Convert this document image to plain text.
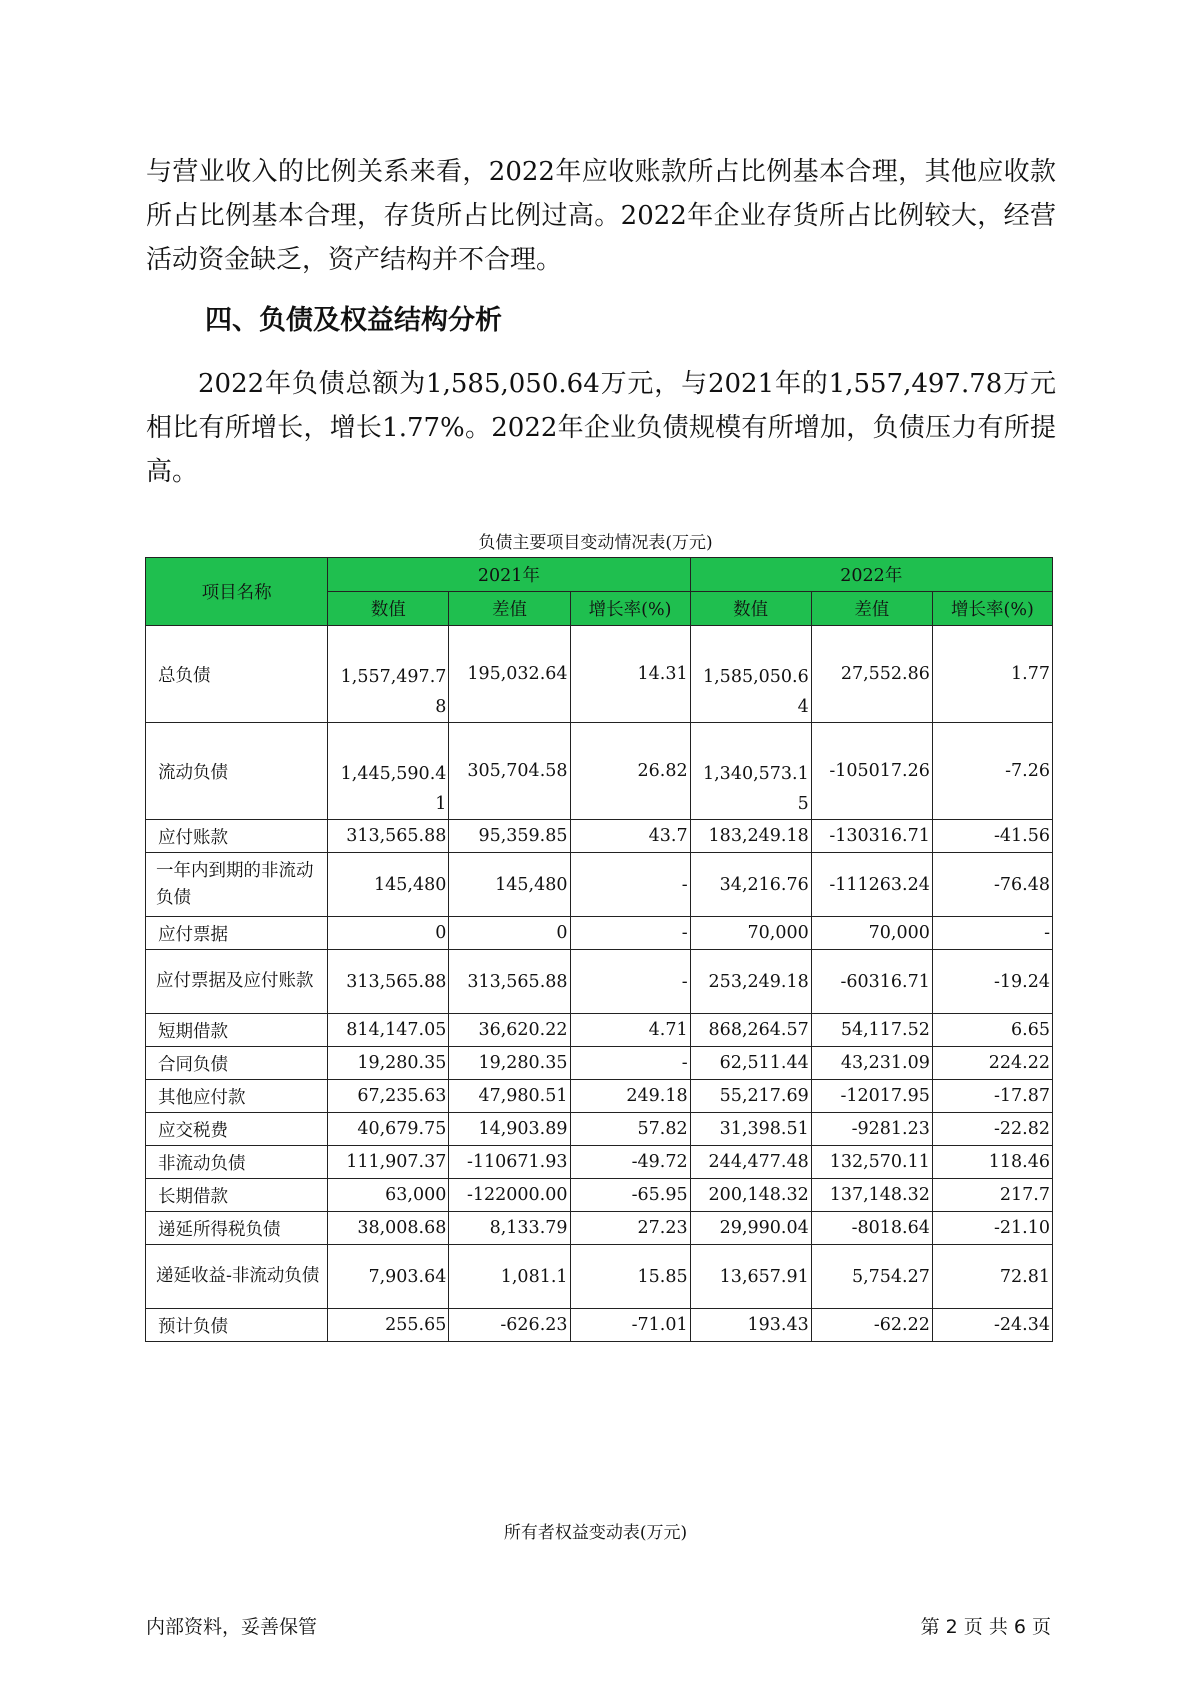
与营业收入的比例关系来看，2022年应收账款所占比例基本合理，其他应收款所占比例基本合理，存货所占比例过高。2022年企业存货所占比例较大，经营活动资金缺乏，资产结构并不合理。

四、负债及权益结构分析

2022年负债总额为1,585,050.64万元，与2021年的1,557,497.78万元相比有所增长，增长1.77%。2022年企业负债规模有所增加，负债压力有所提高。

负债主要项目变动情况表(万元)
项目名称	2021年			2022年		
	数值	差值	增长率(%)	数值	差值	增长率(%)
总负债	1,557,497.78	195,032.64	14.31	1,585,050.64	27,552.86	1.77
流动负债	1,445,590.41	305,704.58	26.82	1,340,573.15	-105017.26	-7.26
应付账款	313,565.88	95,359.85	43.7	183,249.18	-130316.71	-41.56
一年内到期的非流动负债	145,480	145,480	-	34,216.76	-111263.24	-76.48
应付票据	0	0	-	70,000	70,000	-
应付票据及应付账款	313,565.88	313,565.88	-	253,249.18	-60316.71	-19.24
短期借款	814,147.05	36,620.22	4.71	868,264.57	54,117.52	6.65
合同负债	19,280.35	19,280.35	-	62,511.44	43,231.09	224.22
其他应付款	67,235.63	47,980.51	249.18	55,217.69	-12017.95	-17.87
应交税费	40,679.75	14,903.89	57.82	31,398.51	-9281.23	-22.82
非流动负债	111,907.37	-110671.93	-49.72	244,477.48	132,570.11	118.46
长期借款	63,000	-122000.00	-65.95	200,148.32	137,148.32	217.7
递延所得税负债	38,008.68	8,133.79	27.23	29,990.04	-8018.64	-21.10
递延收益-非流动负债	7,903.64	1,081.1	15.85	13,657.91	5,754.27	72.81
预计负债	255.65	-626.23	-71.01	193.43	-62.22	-24.34
所有者权益变动表(万元)
内部资料，妥善保管	第 2 页 共 6 页
